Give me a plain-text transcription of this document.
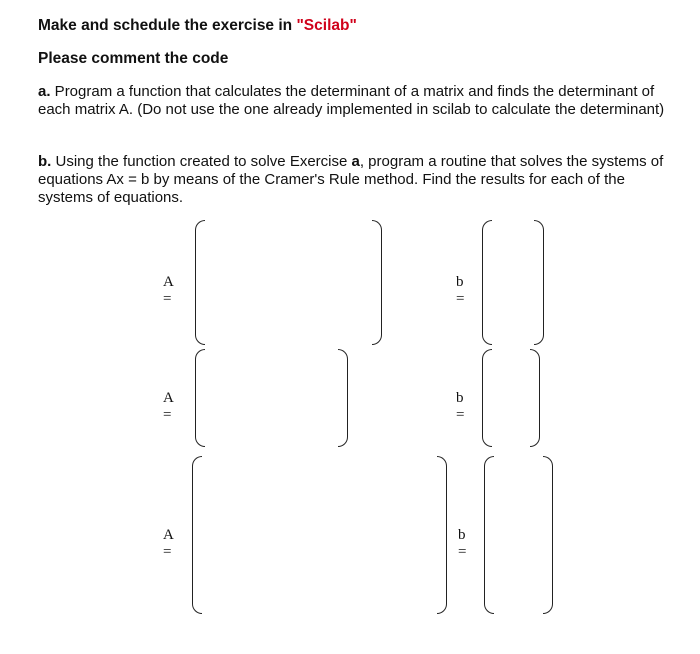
Make and schedule the exercise in "Scilab"
Please comment the code
a. Program a function that calculates the determinant of a matrix and finds the determinant of each matrix A. (Do not use the one already implemented in scilab to calculate the determinant)
b. Using the function created to solve Exercise a, program a routine that solves the systems of equations Ax = b by means of the Cramer's Rule method. Find the results for each of the systems of equations.
A =
b =
A =
b =
A =
b =
